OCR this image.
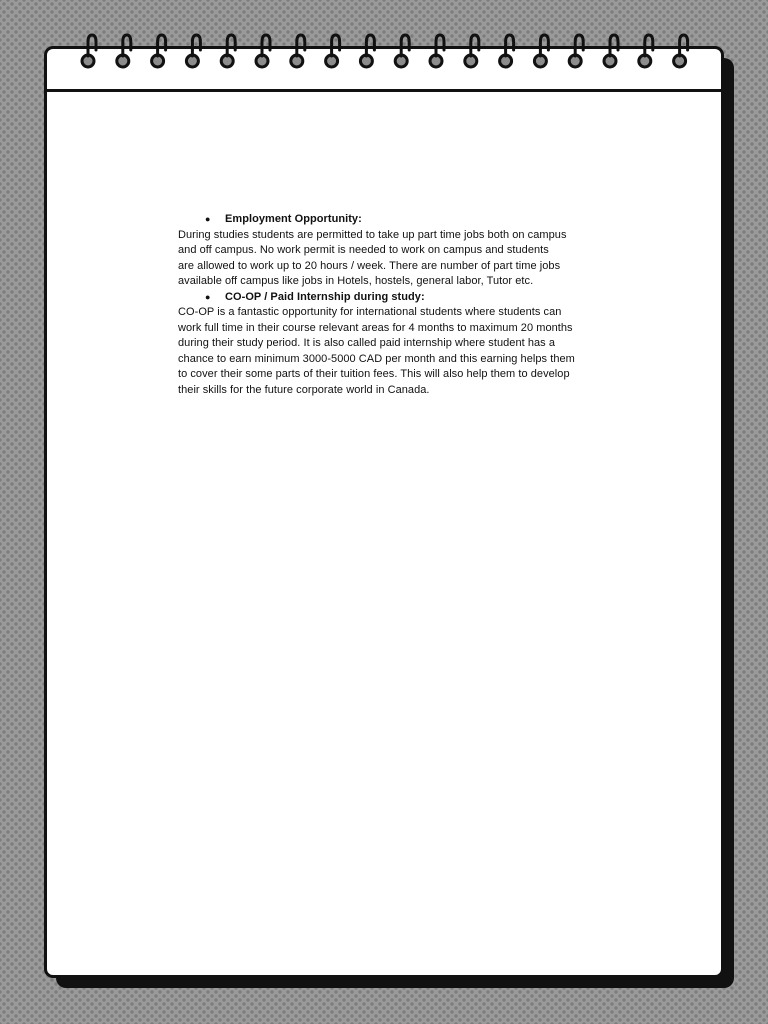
●	Employment Opportunity:
During studies students are permitted to take up part time jobs both on campus
and off campus. No work permit is needed to work on campus and students
are allowed to work up to 20 hours / week. There are number of part time jobs
available off campus like jobs in Hotels, hostels, general labor, Tutor etc.
●	CO-OP / Paid Internship during study:
CO-OP is a fantastic opportunity for international students where students can
work full time in their course relevant areas for 4 months to maximum 20 months
during their study period. It is also called paid internship where student has a
chance to earn minimum 3000-5000 CAD per month and this earning helps them
to cover their some parts of their tuition fees. This will also help them to develop
their skills for the future corporate world in Canada.
